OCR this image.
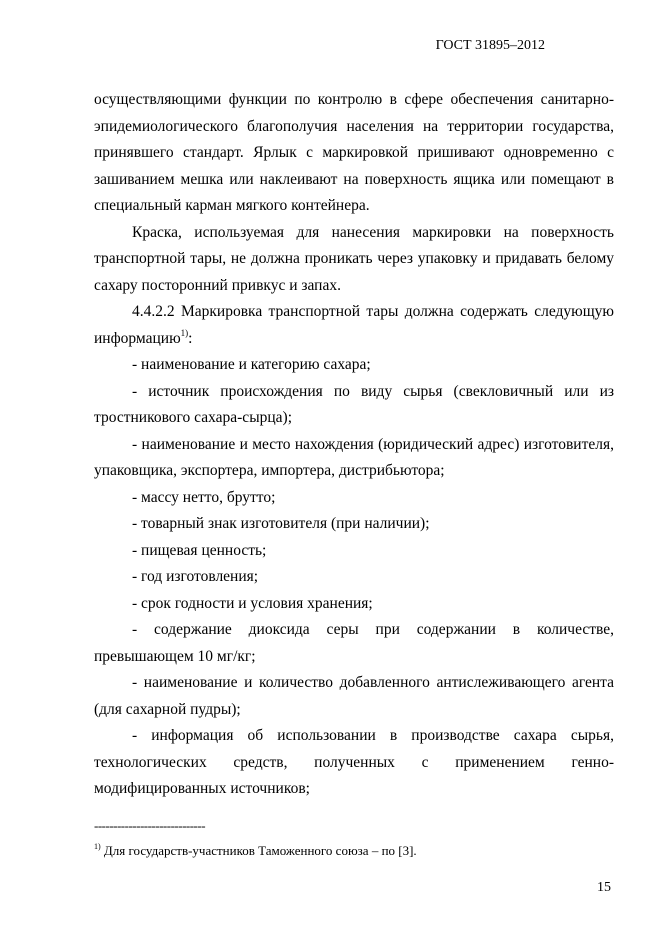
ГОСТ 31895–2012

осуществляющими функции по контролю в сфере обеспечения санитарно-эпидемиологического благополучия населения на территории государства, принявшего стандарт. Ярлык с маркировкой пришивают одновременно с зашиванием мешка или наклеивают на поверхность ящика или помещают в специальный карман мягкого контейнера.

Краска, используемая для нанесения маркировки на поверхность транспортной тары, не должна проникать через упаковку и придавать белому сахару посторонний привкус и запах.

4.4.2.2 Маркировка транспортной тары должна содержать следующую информацию$^{1)}$:

- наименование и категорию сахара;

- источник происхождения по виду сырья (свекловичный или из тростникового сахара-сырца);

- наименование и место нахождения (юридический адрес) изготовителя, упаковщика, экспортера, импортера, дистрибьютора;

- массу нетто, брутто;

- товарный знак изготовителя (при наличии);

- пищевая ценность;

- год изготовления;

- срок годности и условия хранения;

- содержание диоксида серы при содержании в количестве, превышающем 10 мг/кг;

- наименование и количество добавленного антислеживающего агента (для сахарной пудры);

- информация об использовании в производстве сахара сырья, технологических средств, полученных с применением генно-модифицированных источников;

-----------------------------
$^{1)}$ Для государств-участников Таможенного союза – по [3].
15
